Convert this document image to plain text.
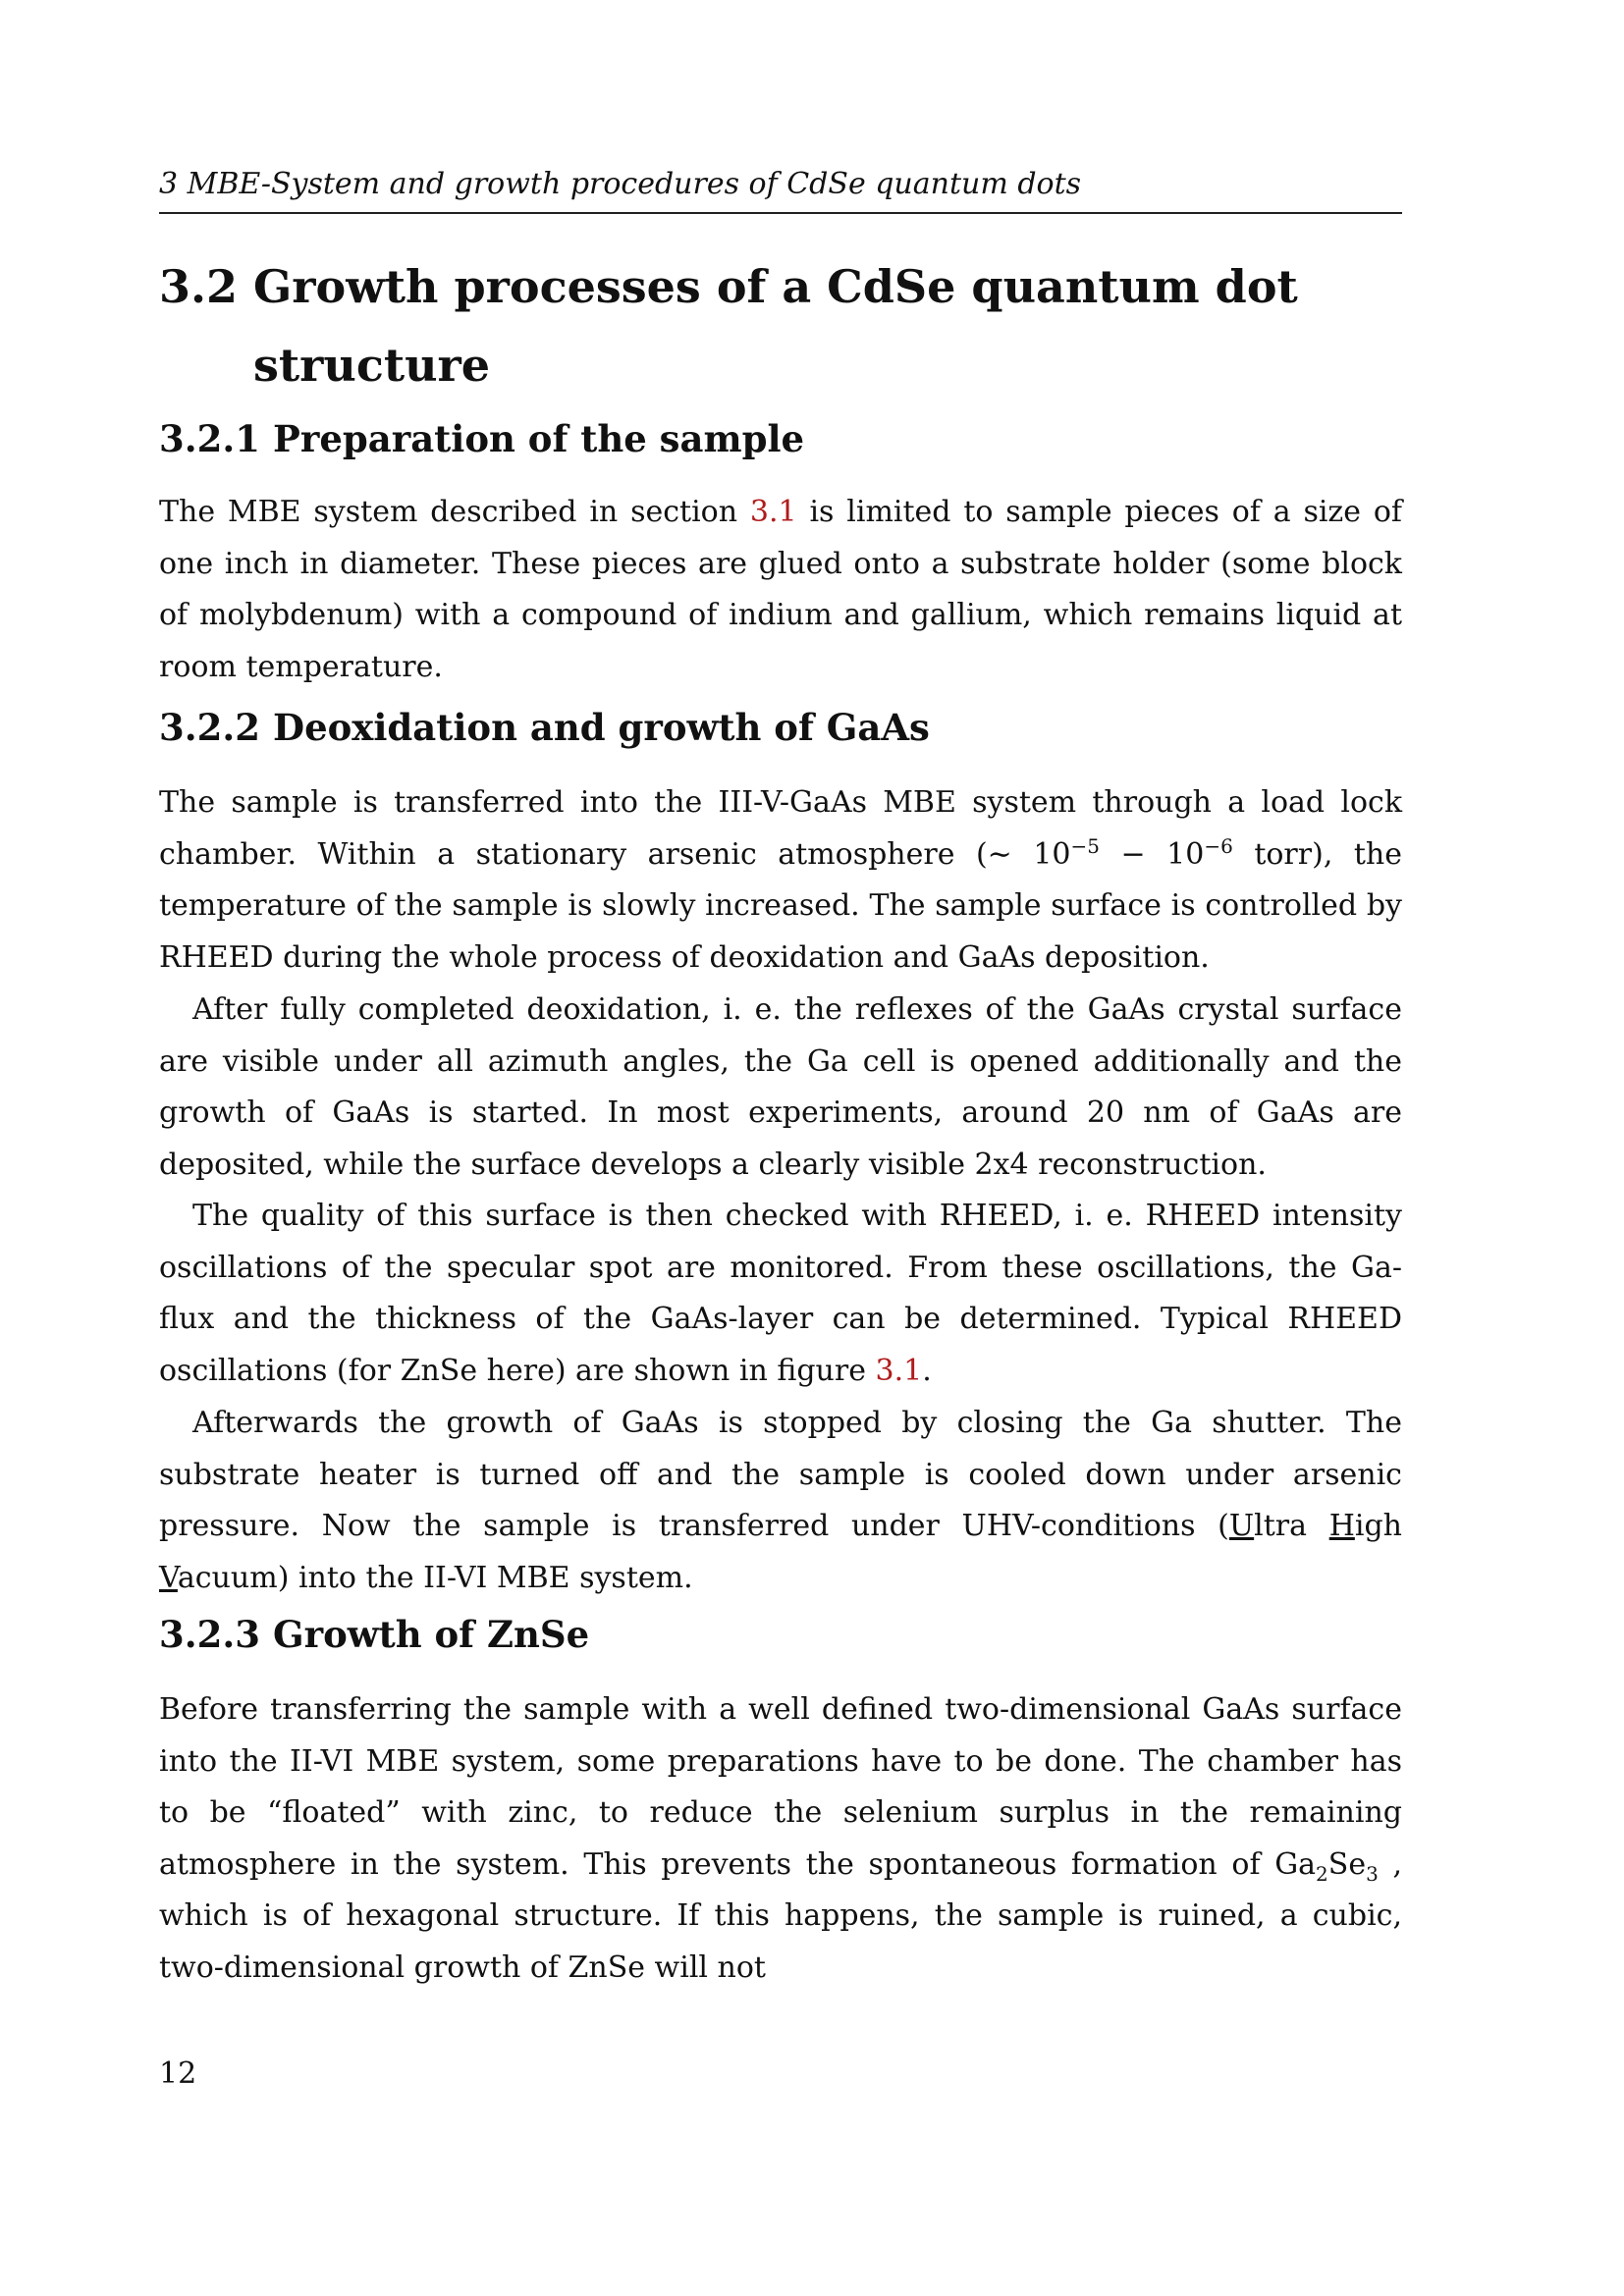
3 MBE-System and growth procedures of CdSe quantum dots
3.2 Growth processes of a CdSe quantum dot
structure
3.2.1 Preparation of the sample

The MBE system described in section 3.1 is limited to sample pieces of a size of one inch in diameter. These pieces are glued onto a substrate holder (some block of molybdenum) with a compound of indium and gallium, which remains liquid at room temperature.

3.2.2 Deoxidation and growth of GaAs

The sample is transferred into the III-V-GaAs MBE system through a load lock chamber. Within a stationary arsenic atmosphere (∼ $10^{-5} - 10^{-6}$ torr), the temperature of the sample is slowly increased. The sample surface is controlled by RHEED during the whole process of deoxidation and GaAs deposition.

After fully completed deoxidation, i. e. the reflexes of the GaAs crystal surface are visible under all azimuth angles, the Ga cell is opened additionally and the growth of GaAs is started. In most experiments, around 20 nm of GaAs are deposited, while the surface develops a clearly visible 2x4 reconstruction.

The quality of this surface is then checked with RHEED, i. e. RHEED intensity oscillations of the specular spot are monitored. From these oscillations, the Ga-flux and the thickness of the GaAs-layer can be determined. Typical RHEED oscillations (for ZnSe here) are shown in figure 3.1.

Afterwards the growth of GaAs is stopped by closing the Ga shutter. The substrate heater is turned off and the sample is cooled down under arsenic pressure. Now the sample is transferred under UHV-conditions (Ultra High Vacuum) into the II-VI MBE system.

3.2.3 Growth of ZnSe

Before transferring the sample with a well defined two-dimensional GaAs surface into the II-VI MBE system, some preparations have to be done. The chamber has to be “floated” with zinc, to reduce the selenium surplus in the remaining atmosphere in the system. This prevents the spontaneous formation of $Ga_2Se_3$ , which is of hexagonal structure. If this happens, the sample is ruined, a cubic, two-dimensional growth of ZnSe will not

12
